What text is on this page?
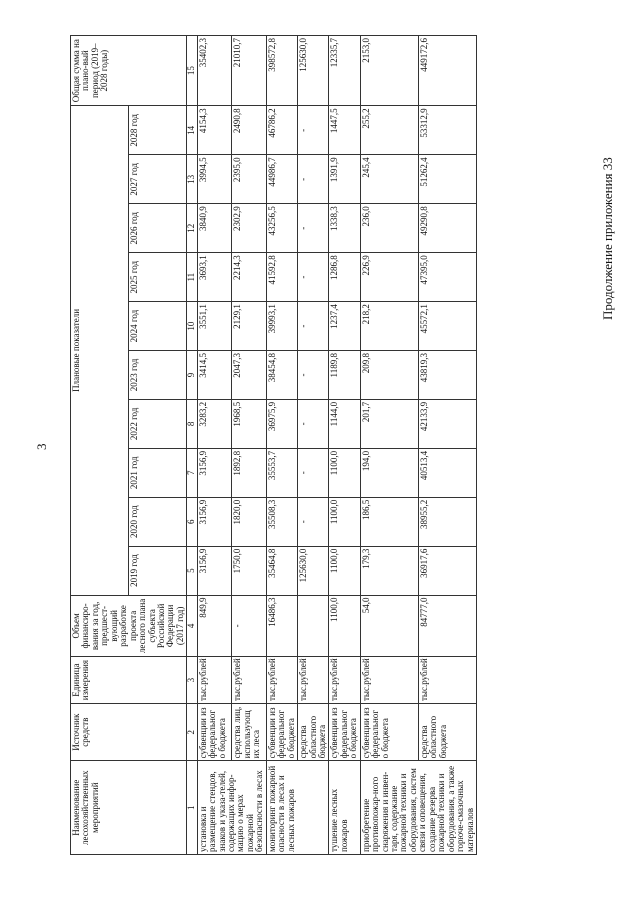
3
Продолжение приложения 33
Наименование лесохозяйственных мероприятий	Источник средств	Единица измерения	Объем финансиро-вания за год, предшест-вующий разработке проекта лесного плана субъекта Российской Федерации (2017 год)	Плановые показатели										Общая сумма на плано-вый период (2019–2028 годы)
				2019 год	2020 год	2021 год	2022 год	2023 год	2024 год	2025 год	2026 год	2027 год	2028 год	
1	2	3	4	5	6	7	8	9	10	11	12	13	14	15
установка и размещение стендов, знаков и указа-телей, содержащих инфор-мацию о мерах пожарной безопасности в лесах	субвенции из федерального бюджета	тыс.рублей	849,9	3156,9	3156,9	3156,9	3283,2	3414,5	3551,1	3693,1	3840,9	3994,5	4154,3	35402,3
	средства лиц, использующих леса	тыс.рублей	-	1750,0	1820,0	1892,8	1968,5	2047,3	2129,1	2214,3	2302,9	2395,0	2490,8	21010,7
мониторинг пожарной опасности в лесах и лесных пожаров	субвенции из федерального бюджета	тыс.рублей	16486,3	35464,8	35508,3	35553,7	36975,9	38454,8	39993,1	41592,8	43256,5	44986,7	46786,2	398572,8
	средства областного бюджета	тыс.рублей		125630,0	-	-	-	-	-	-	-	-	-	125630,0
тушение лесных пожаров	субвенции из федерального бюджета	тыс.рублей	1100,0	1100,0	1100,0	1100,0	1144,0	1189,8	1237,4	1286,8	1338,3	1391,9	1447,5	12335,7
приобретение противопожар-ного снаряжения и инвен-таря, содержание пожарной техники и оборудования, систем связи и оповещения, создание резерва пожарной техники и оборудования, а также горюче-смазочных материалов	субвенции из федерального бюджета	тыс.рублей	54,0	179,3	186,5	194,0	201,7	209,8	218,2	226,9	236,0	245,4	255,2	2153,0
	средства областного бюджета	тыс.рублей	84777,0	36917,6	38955,2	40513,4	42133,9	43819,3	45572,1	47395,0	49290,8	51262,4	53312,9	449172,6
